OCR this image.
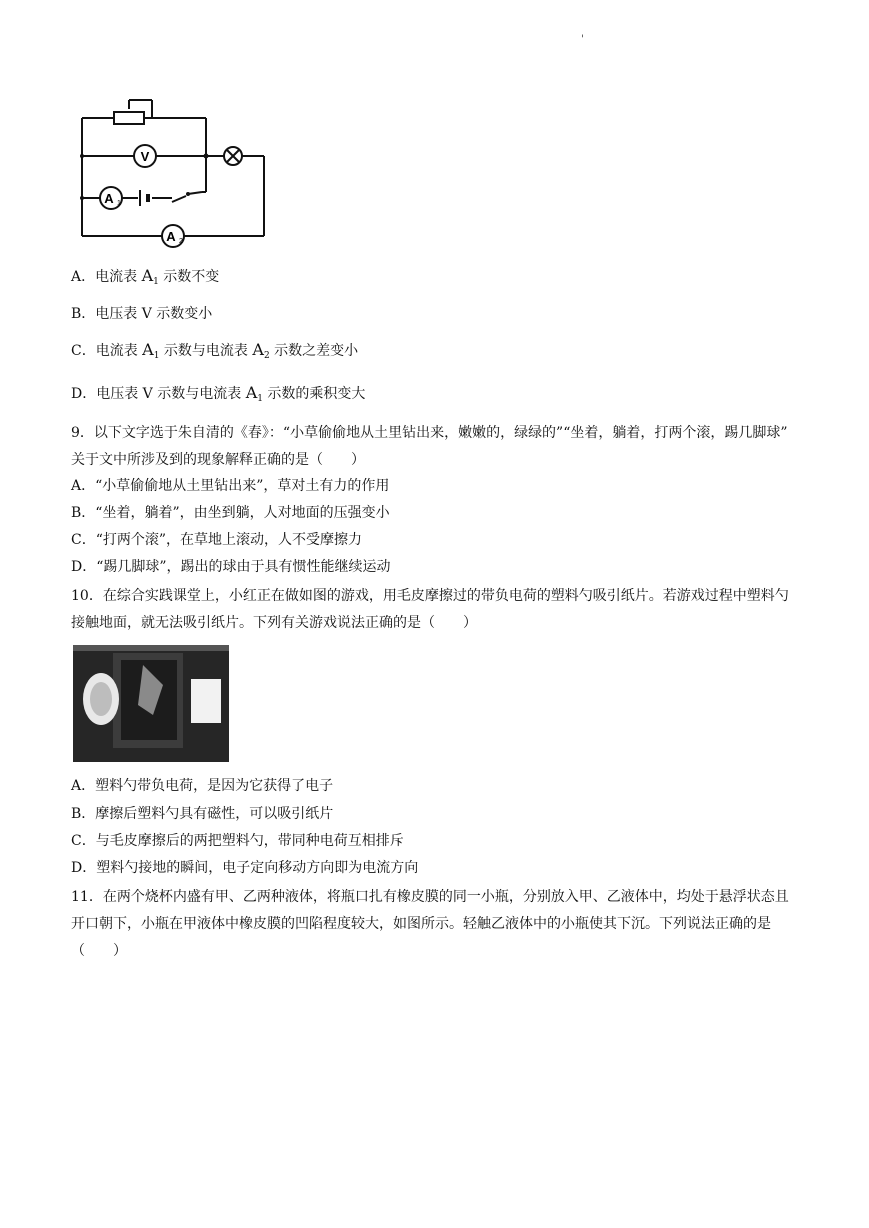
'
V
A 1
A 2
A．电流表 $A_1$ 示数不变
B．电压表 V 示数变小
C．电流表 $A_1$ 示数与电流表 $A_2$ 示数之差变小
D．电压表 V 示数与电流表 $A_1$ 示数的乘积变大
9．以下文字选于朱自清的《春》：“小草偷偷地从土里钻出来，嫩嫩的，绿绿的”“坐着，躺着，打两个滚，踢几脚球” 关于文中所涉及到的现象解释正确的是（　　）
A．“小草偷偷地从土里钻出来”，草对土有力的作用
B．“坐着，躺着”，由坐到躺，人对地面的压强变小
C．“打两个滚”，在草地上滚动，人不受摩擦力
D．“踢几脚球”，踢出的球由于具有惯性能继续运动
10．在综合实践课堂上，小红正在做如图的游戏，用毛皮摩擦过的带负电荷的塑料勺吸引纸片。若游戏过程中塑料勺接触地面，就无法吸引纸片。下列有关游戏说法正确的是（　　）
A．塑料勺带负电荷，是因为它获得了电子
B．摩擦后塑料勺具有磁性，可以吸引纸片
C．与毛皮摩擦后的两把塑料勺，带同种电荷互相排斥
D．塑料勺接地的瞬间，电子定向移动方向即为电流方向
11．在两个烧杯内盛有甲、乙两种液体，将瓶口扎有橡皮膜的同一小瓶，分别放入甲、乙液体中，均处于悬浮状态且开口朝下，小瓶在甲液体中橡皮膜的凹陷程度较大，如图所示。轻触乙液体中的小瓶使其下沉。下列说法正确的是（　　）
